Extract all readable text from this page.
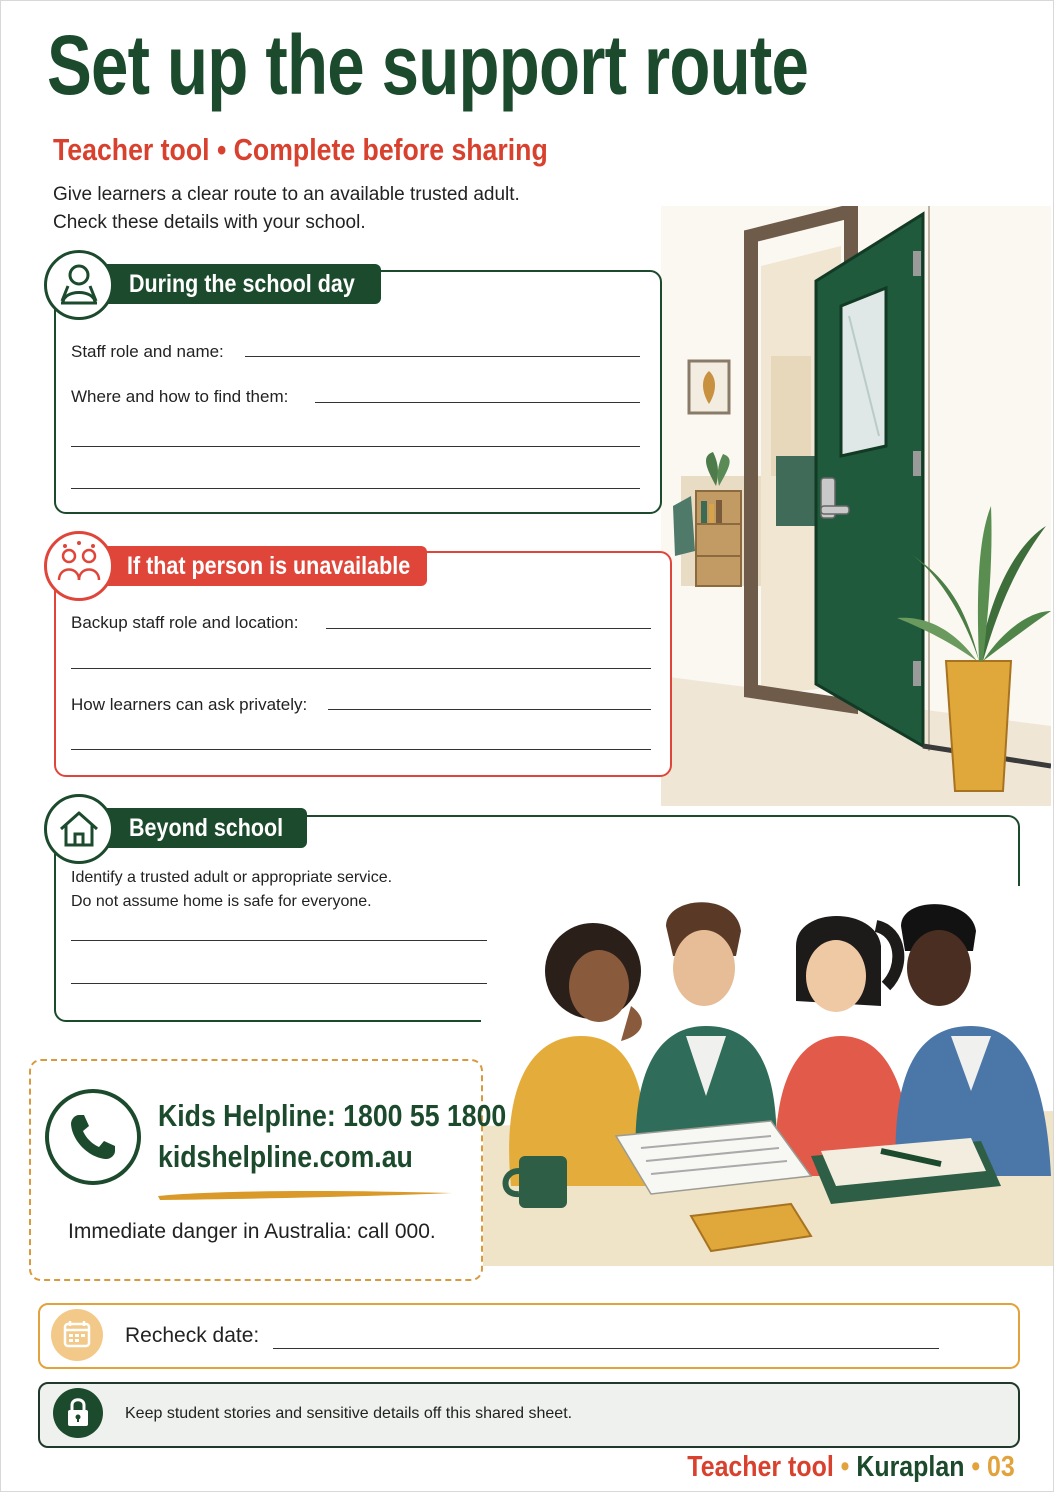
Set up the support route
Teacher tool • Complete before sharing
Give learners a clear route to an available trusted adult.
Check these details with your school.
During the school day
Staff role and name:
Where and how to find them:
If that person is unavailable
Backup staff role and location:
How learners can ask privately:
Beyond school
Identify a trusted adult or appropriate service.
Do not assume home is safe for everyone.
Kids Helpline: 1800 55 1800
kidshelpline.com.au
Immediate danger in Australia: call 000.
Recheck date:
Keep student stories and sensitive details off this shared sheet.
Teacher tool • Kuraplan • 03
